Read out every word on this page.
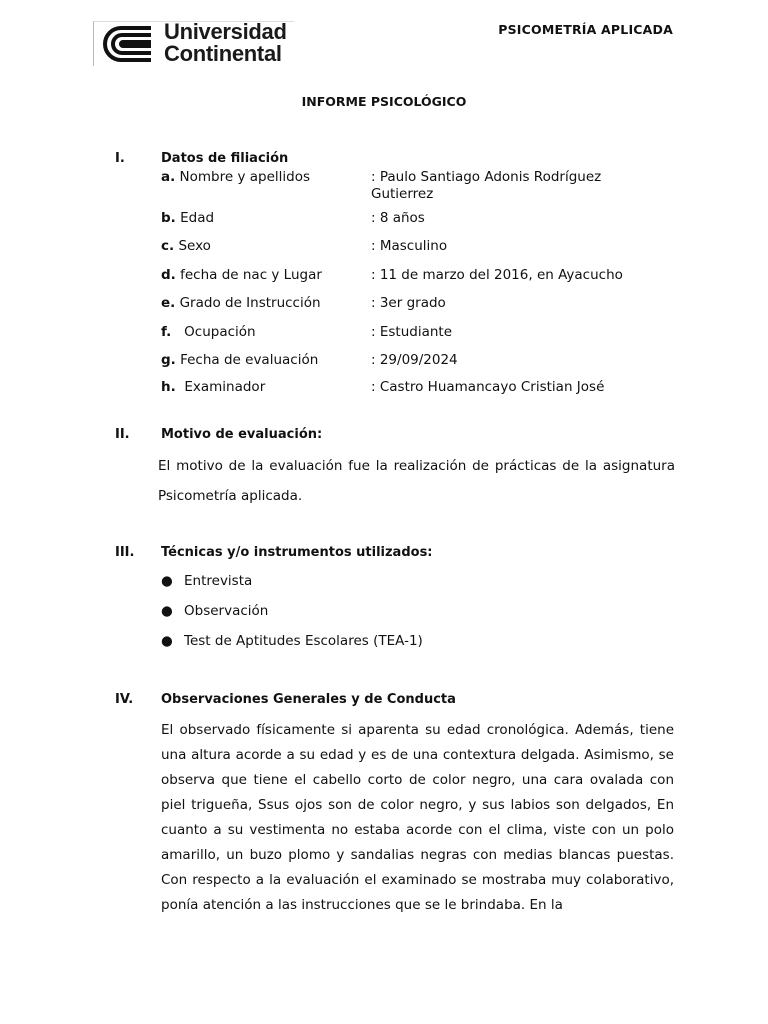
Universidad
Continental
PSICOMETRÍA APLICADA
INFORME PSICOLÓGICO
I.	Datos de filiación
a. Nombre y apellidos	: Paulo Santiago Adonis Rodríguez Gutierrez
b. Edad	: 8 años
c. Sexo	: Masculino
d. fecha de nac y Lugar	: 11 de marzo del 2016, en Ayacucho
e. Grado de Instrucción	: 3er grado
f. Ocupación	: Estudiante
g. Fecha de evaluación	: 29/09/2024
h. Examinador	: Castro Huamancayo Cristian José
II. Motivo de evaluación:
El motivo de la evaluación fue la realización de prácticas de la asignatura Psicometría aplicada.
III. Técnicas y/o instrumentos utilizados:
● Entrevista
● Observación
● Test de Aptitudes Escolares (TEA-1)
IV. Observaciones Generales y de Conducta
El observado físicamente si aparenta su edad cronológica. Además, tiene una altura acorde a su edad y es de una contextura delgada. Asimismo, se observa que tiene el cabello corto de color negro, una cara ovalada con piel trigueña, Ssus ojos son de color negro, y sus labios son delgados, En cuanto a su vestimenta no estaba acorde con el clima, viste con un polo amarillo, un buzo plomo y sandalias negras con medias blancas puestas. Con respecto a la evaluación el examinado se mostraba muy colaborativo, ponía atención a las instrucciones que se le brindaba. En la
